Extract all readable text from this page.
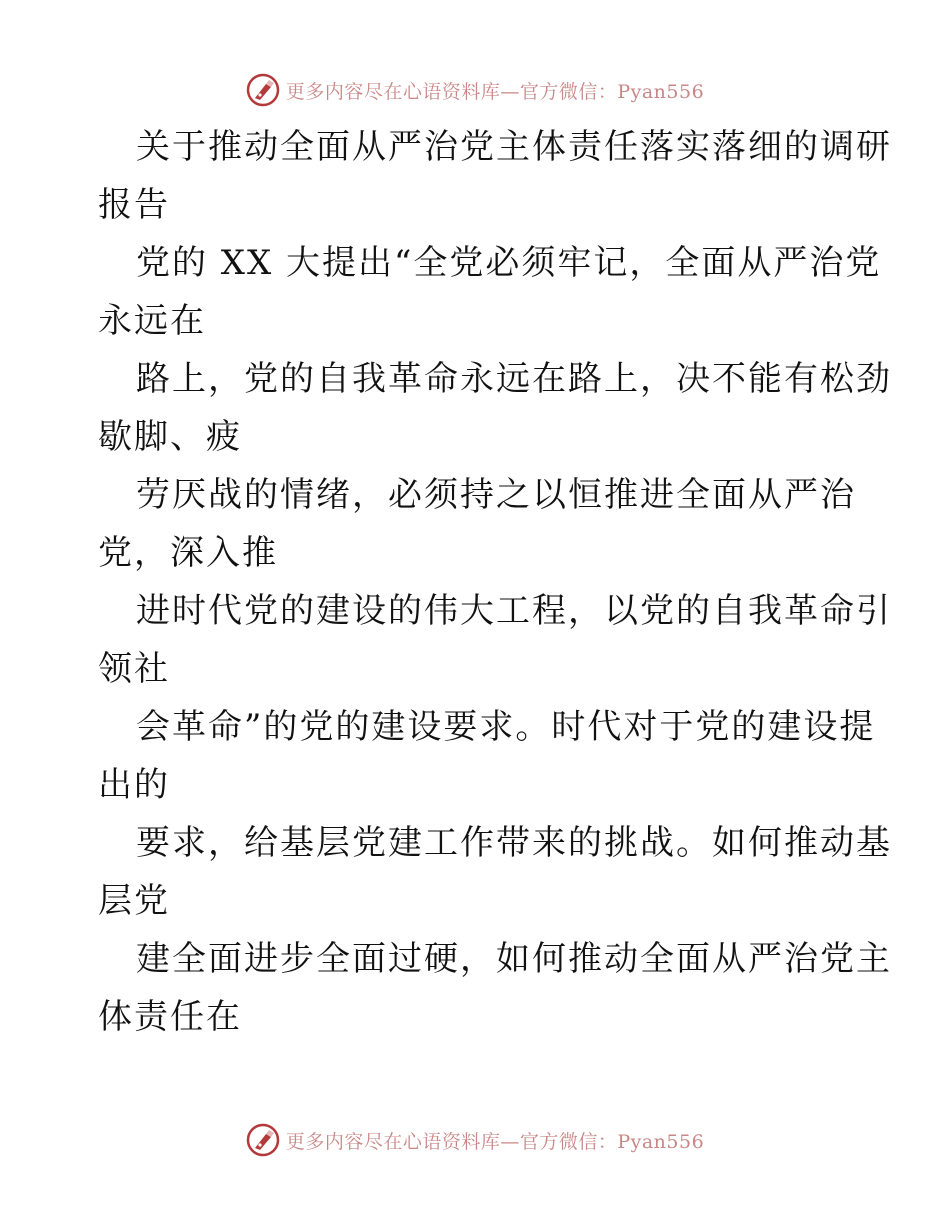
更多内容尽在心语资料库—官方微信：Pyan556
关于推动全面从严治党主体责任落实落细的调研
报告
党的 XX 大提出“全党必须牢记，全面从严治党
永远在
路上，党的自我革命永远在路上，决不能有松劲
歇脚、疲
劳厌战的情绪，必须持之以恒推进全面从严治
党，深入推
进时代党的建设的伟大工程，以党的自我革命引
领社
会革命”的党的建设要求。时代对于党的建设提
出的
要求，给基层党建工作带来的挑战。如何推动基
层党
建全面进步全面过硬，如何推动全面从严治党主
体责任在
更多内容尽在心语资料库—官方微信：Pyan556
